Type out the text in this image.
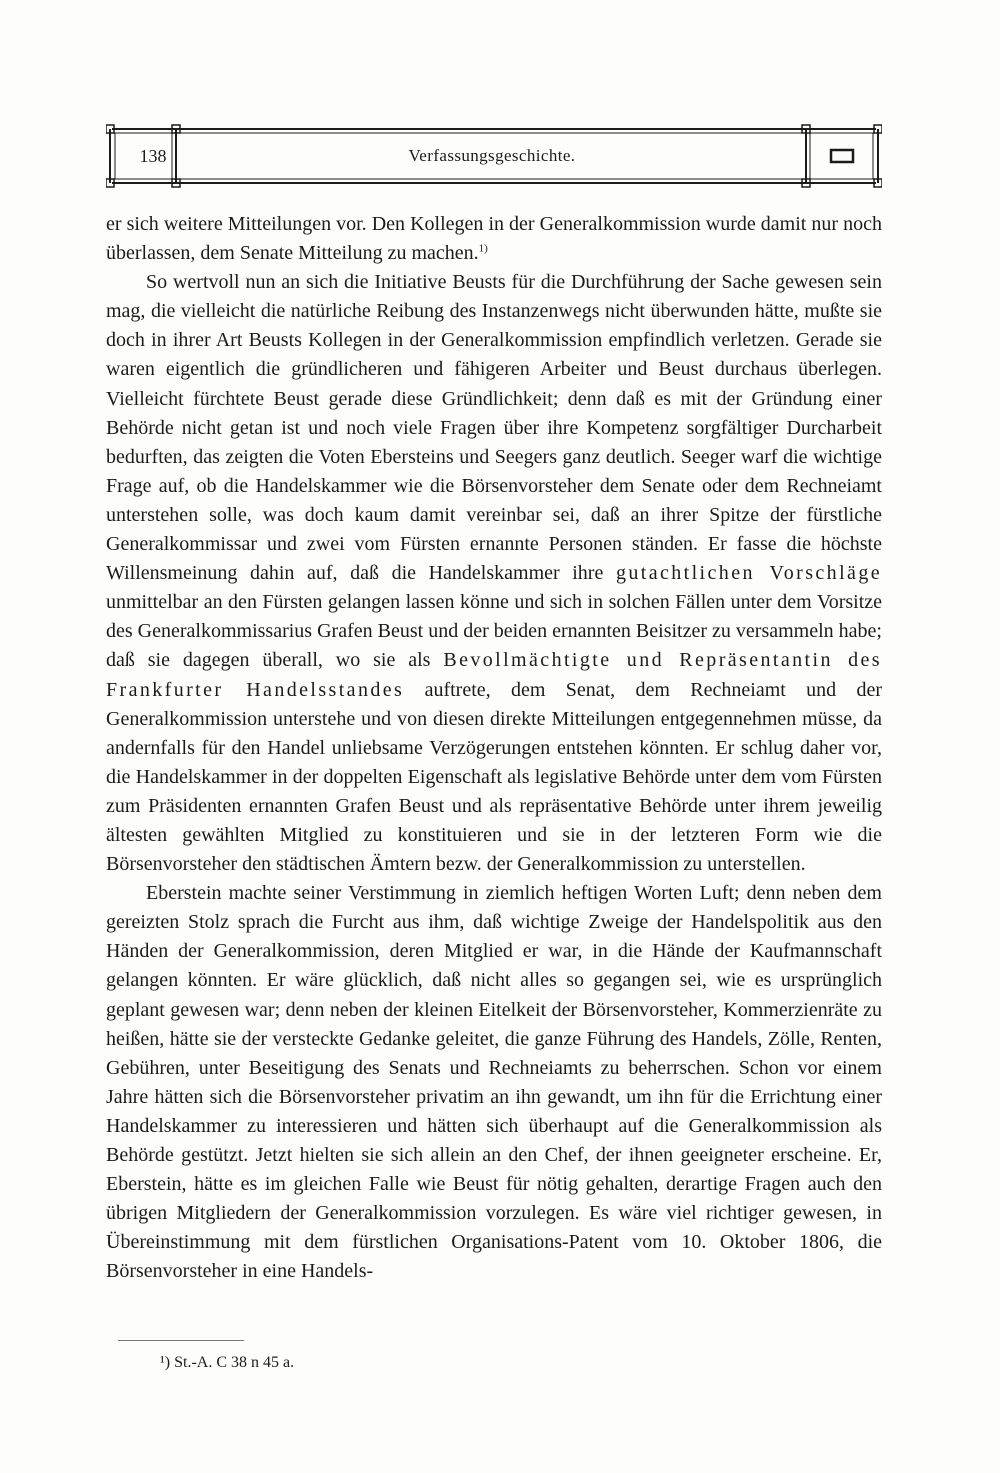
138	Verfassungsgeschichte.

er sich weitere Mitteilungen vor. Den Kollegen in der Generalkommission wurde damit nur noch überlassen, dem Senate Mitteilung zu machen.$^{1)}$

So wertvoll nun an sich die Initiative Beusts für die Durchführung der Sache gewesen sein mag, die vielleicht die natürliche Reibung des Instanzenwegs nicht überwunden hätte, mußte sie doch in ihrer Art Beusts Kollegen in der Generalkommission empfindlich verletzen. Gerade sie waren eigentlich die gründlicheren und fähigeren Arbeiter und Beust durchaus überlegen. Vielleicht fürchtete Beust gerade diese Gründlichkeit; denn daß es mit der Gründung einer Behörde nicht getan ist und noch viele Fragen über ihre Kompetenz sorgfältiger Durcharbeit bedurften, das zeigten die Voten Ebersteins und Seegers ganz deutlich. Seeger warf die wichtige Frage auf, ob die Handelskammer wie die Börsenvorsteher dem Senate oder dem Rechneiamt unterstehen solle, was doch kaum damit vereinbar sei, daß an ihrer Spitze der fürstliche Generalkommissar und zwei vom Fürsten ernannte Personen ständen. Er fasse die höchste Willensmeinung dahin auf, daß die Handelskammer ihre gutachtlichen Vorschläge unmittelbar an den Fürsten gelangen lassen könne und sich in solchen Fällen unter dem Vorsitze des Generalkommissarius Grafen Beust und der beiden ernannten Beisitzer zu versammeln habe; daß sie dagegen überall, wo sie als Bevollmächtigte und Repräsentantin des Frankfurter Handelsstandes auftrete, dem Senat, dem Rechneiamt und der Generalkommission unterstehe und von diesen direkte Mitteilungen entgegennehmen müsse, da andernfalls für den Handel unliebsame Verzögerungen entstehen könnten. Er schlug daher vor, die Handelskammer in der doppelten Eigenschaft als legislative Behörde unter dem vom Fürsten zum Präsidenten ernannten Grafen Beust und als repräsentative Behörde unter ihrem jeweilig ältesten gewählten Mitglied zu konstituieren und sie in der letzteren Form wie die Börsenvorsteher den städtischen Ämtern bezw. der Generalkommission zu unterstellen.

Eberstein machte seiner Verstimmung in ziemlich heftigen Worten Luft; denn neben dem gereizten Stolz sprach die Furcht aus ihm, daß wichtige Zweige der Handelspolitik aus den Händen der Generalkommission, deren Mitglied er war, in die Hände der Kaufmannschaft gelangen könnten. Er wäre glücklich, daß nicht alles so gegangen sei, wie es ursprünglich geplant gewesen war; denn neben der kleinen Eitelkeit der Börsenvorsteher, Kommerzienräte zu heißen, hätte sie der versteckte Gedanke geleitet, die ganze Führung des Handels, Zölle, Renten, Gebühren, unter Beseitigung des Senats und Rechneiamts zu beherrschen. Schon vor einem Jahre hätten sich die Börsenvorsteher privatim an ihn gewandt, um ihn für die Errichtung einer Handelskammer zu interessieren und hätten sich überhaupt auf die Generalkommission als Behörde gestützt. Jetzt hielten sie sich allein an den Chef, der ihnen geeigneter erscheine. Er, Eberstein, hätte es im gleichen Falle wie Beust für nötig gehalten, derartige Fragen auch den übrigen Mitgliedern der Generalkommission vorzulegen. Es wäre viel richtiger gewesen, in Übereinstimmung mit dem fürstlichen Organisations-Patent vom 10. Oktober 1806, die Börsenvorsteher in eine Handels-

¹) St.-A. C 38 n 45 a.
